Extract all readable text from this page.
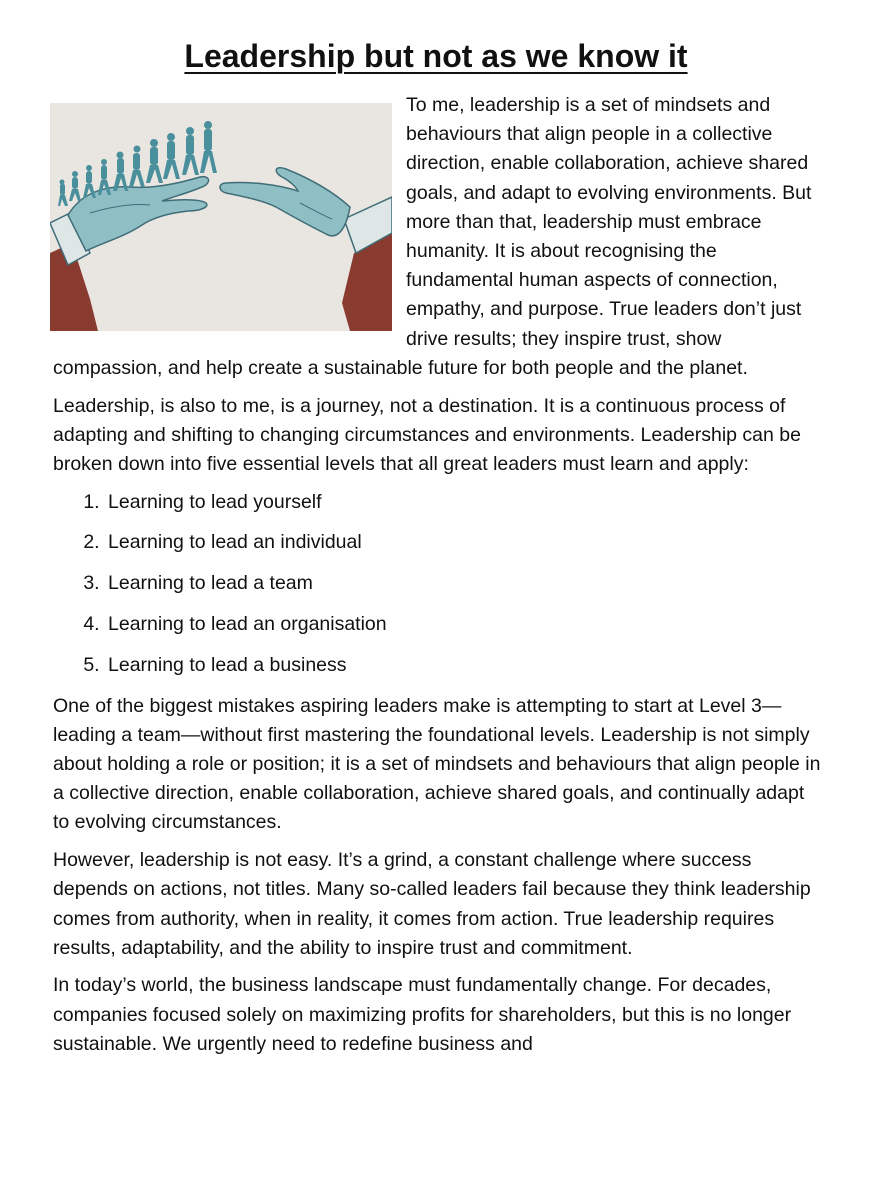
Leadership but not as we know it

To me, leadership is a set of mindsets and behaviours that align people in a collective direction, enable collaboration, achieve shared goals, and adapt to evolving environments. But more than that, leadership must embrace humanity. It is about recognising the fundamental human aspects of connection, empathy, and purpose. True leaders don’t just drive results; they inspire trust, show compassion, and help create a sustainable future for both people and the planet.

Leadership, is also to me, is a journey, not a destination. It is a continuous process of adapting and shifting to changing circumstances and environments. Leadership can be broken down into five essential levels that all great leaders must learn and apply:

1. Learning to lead yourself
2. Learning to lead an individual
3. Learning to lead a team
4. Learning to lead an organisation
5. Learning to lead a business

One of the biggest mistakes aspiring leaders make is attempting to start at Level 3—leading a team—without first mastering the foundational levels. Leadership is not simply about holding a role or position; it is a set of mindsets and behaviours that align people in a collective direction, enable collaboration, achieve shared goals, and continually adapt to evolving circumstances.

However, leadership is not easy. It’s a grind, a constant challenge where success depends on actions, not titles. Many so-called leaders fail because they think leadership comes from authority, when in reality, it comes from action. True leadership requires results, adaptability, and the ability to inspire trust and commitment.

In today’s world, the business landscape must fundamentally change. For decades, companies focused solely on maximizing profits for shareholders, but this is no longer sustainable. We urgently need to redefine business and
